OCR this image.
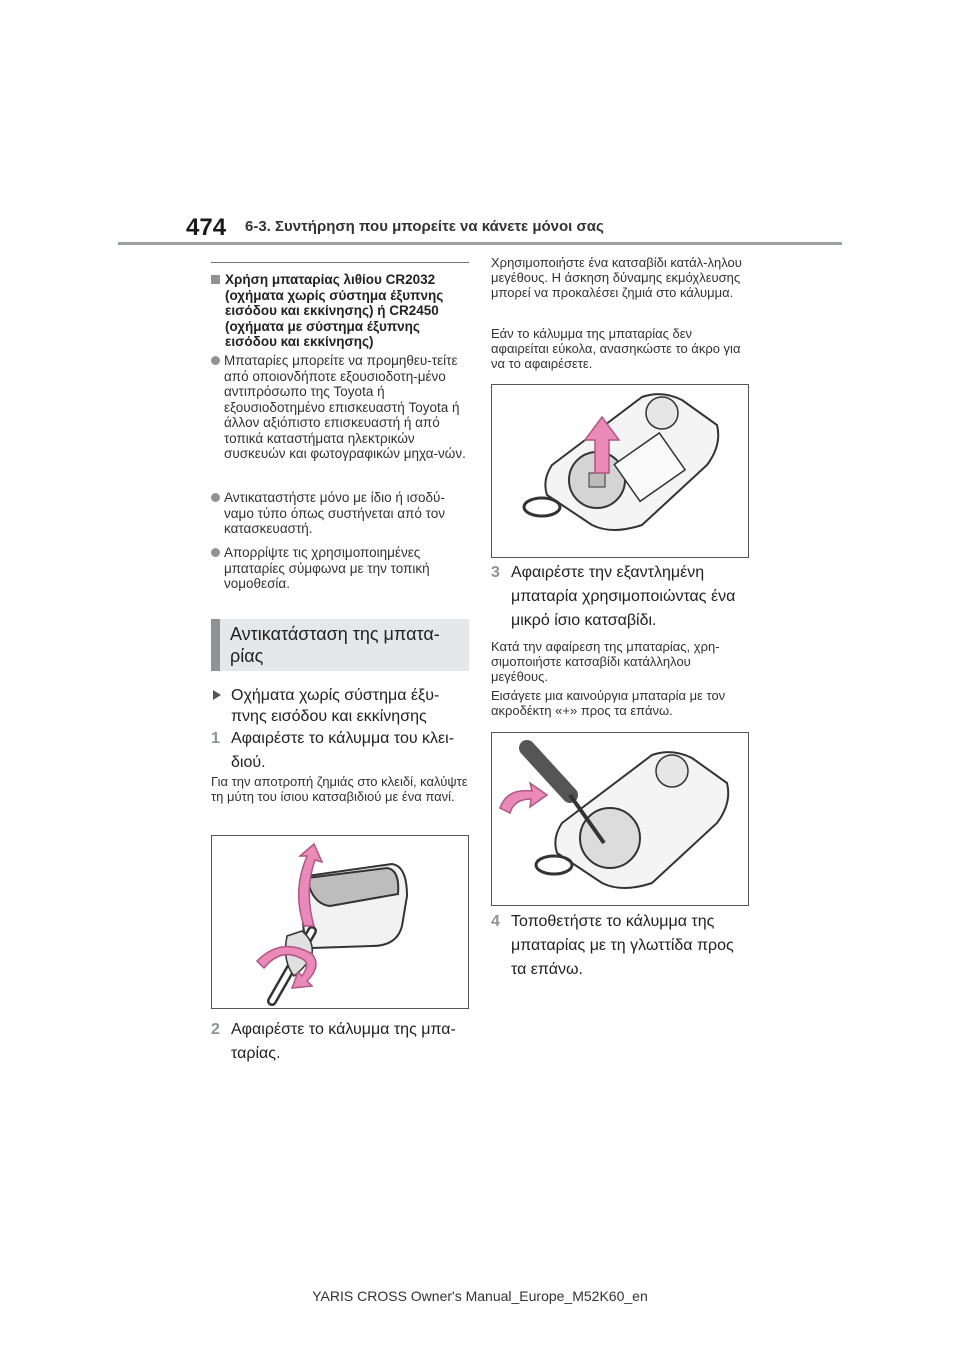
474 6-3. Συντήρηση που μπορείτε να κάνετε μόνοι σας
Χρήση μπαταρίας λιθίου CR2032 (οχήματα χωρίς σύστημα έξυπνης εισόδου και εκκίνησης) ή CR2450 (οχήματα με σύστημα έξυπνης εισόδου και εκκίνησης)
Μπαταρίες μπορείτε να προμηθευ-τείτε από οποιονδήποτε εξουσιοδοτη-μένο αντιπρόσωπο της Toyota ή εξουσιοδοτημένο επισκευαστή Toyota ή άλλον αξιόπιστο επισκευαστή ή από τοπικά καταστήματα ηλεκτρικών συσκευών και φωτογραφικών μηχα-νών.
Αντικαταστήστε μόνο με ίδιο ή ισοδύ-ναμο τύπο όπως συστήνεται από τον κατασκευαστή.
Απορρίψτε τις χρησιμοποιημένες μπαταρίες σύμφωνα με την τοπική νομοθεσία.
Αντικατάσταση της μπατα-ρίας
Οχήματα χωρίς σύστημα έξυ-πνης εισόδου και εκκίνησης
1 Αφαιρέστε το κάλυμμα του κλει-διού.
Για την αποτροπή ζημιάς στο κλειδί, καλύψτε τη μύτη του ίσιου κατσαβιδιού με ένα πανί.
2 Αφαιρέστε το κάλυμμα της μπα-ταρίας.
Χρησιμοποιήστε ένα κατσαβίδι κατάλ-ληλου μεγέθους. Η άσκηση δύναμης εκμόχλευσης μπορεί να προκαλέσει ζημιά στο κάλυμμα.
Εάν το κάλυμμα της μπαταρίας δεν αφαιρείται εύκολα, ανασηκώστε το άκρο για να το αφαιρέσετε.
3 Αφαιρέστε την εξαντλημένη μπαταρία χρησιμοποιώντας ένα μικρό ίσιο κατσαβίδι.
Κατά την αφαίρεση της μπαταρίας, χρη-σιμοποιήστε κατσαβίδι κατάλληλου μεγέθους.
Εισάγετε μια καινούργια μπαταρία με τον ακροδέκτη «+» προς τα επάνω.
4 Τοποθετήστε το κάλυμμα της μπαταρίας με τη γλωττίδα προς τα επάνω.
YARIS CROSS Owner's Manual_Europe_M52K60_en
